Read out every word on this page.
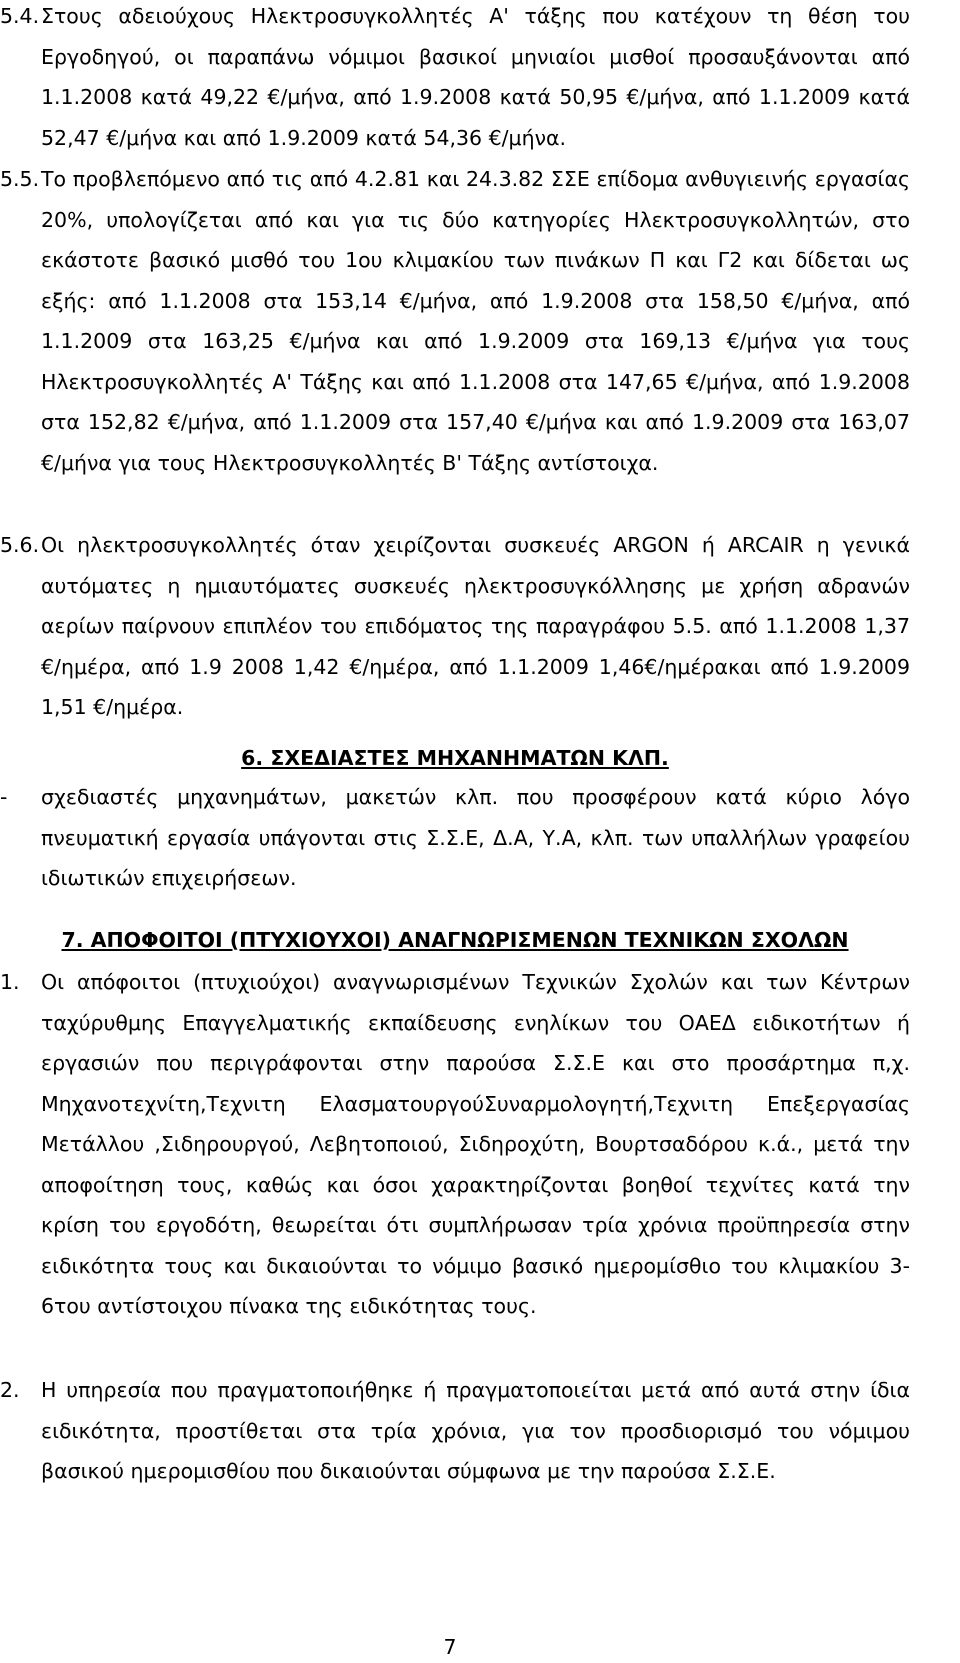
5.4. Στους αδειούχους Ηλεκτροσυγκολλητές Α' τάξης που κατέχουν τη θέση του Εργοδηγού, οι παραπάνω νόμιμοι βασικοί μηνιαίοι μισθοί προσαυξάνονται από 1.1.2008 κατά 49,22 €/μήνα, από 1.9.2008 κατά 50,95 €/μήνα, από 1.1.2009 κατά 52,47 €/μήνα και από 1.9.2009 κατά 54,36 €/μήνα.
5.5. Το προβλεπόμενο από τις από 4.2.81 και 24.3.82 ΣΣΕ επίδομα ανθυγιεινής εργασίας 20%, υπολογίζεται από και για τις δύο κατηγορίες Ηλεκτροσυγκολλητών, στο εκάστοτε βασικό μισθό του 1ου κλιμακίου των πινάκων Π και Γ2 και δίδεται ως εξής: από 1.1.2008 στα 153,14 €/μήνα, από 1.9.2008 στα 158,50 €/μήνα, από 1.1.2009 στα 163,25 €/μήνα και από 1.9.2009 στα 169,13 €/μήνα για τους Ηλεκτροσυγκολλητές Α' Τάξης και από 1.1.2008 στα 147,65 €/μήνα, από 1.9.2008 στα 152,82 €/μήνα, από 1.1.2009 στα 157,40 €/μήνα και από 1.9.2009 στα 163,07 €/μήνα για τους Ηλεκτροσυγκολλητές Β' Τάξης αντίστοιχα.
5.6. Οι ηλεκτροσυγκολλητές όταν χειρίζονται συσκευές ARGON ή ARCAIR η γενικά αυτόματες η ημιαυτόματες συσκευές ηλεκτροσυγκόλλησης με χρήση αδρανών αερίων παίρνουν επιπλέον του επιδόματος της παραγράφου 5.5. από 1.1.2008 1,37 €/ημέρα, από 1.9 2008 1,42 €/ημέρα, από 1.1.2009 1,46€/ημέρακαι από 1.9.2009 1,51 €/ημέρα.
6. ΣΧΕΔΙΑΣΤΕΣ ΜΗΧΑΝΗΜΑΤΩΝ ΚΛΠ.
- σχεδιαστές μηχανημάτων, μακετών κλπ. που προσφέρουν κατά κύριο λόγο πνευματική εργασία υπάγονται στις Σ.Σ.Ε, Δ.Α, Υ.Α, κλπ. των υπαλλήλων γραφείου ιδιωτικών επιχειρήσεων.
7. ΑΠΟΦΟΙΤΟΙ (ΠΤΥΧΙΟΥΧΟΙ) ΑΝΑΓΝΩΡΙΣΜΕΝΩΝ ΤΕΧΝΙΚΩΝ ΣΧΟΛΩΝ
1. Οι απόφοιτοι (πτυχιούχοι) αναγνωρισμένων Τεχνικών Σχολών και των Κέντρων ταχύρυθμης Επαγγελματικής εκπαίδευσης ενηλίκων του ΟΑΕΔ ειδικοτήτων ή εργασιών που περιγράφονται στην παρούσα Σ.Σ.Ε και στο προσάρτημα π,χ. Μηχανοτεχνίτη,Τεχνιτη ΕλασματουργούΣυναρμολογητή,Τεχνιτη Επεξεργασίας Μετάλλου ,Σιδηρουργού, Λεβητοποιού, Σιδηροχύτη, Βουρτσαδόρου κ.ά., μετά την αποφοίτηση τους, καθώς και όσοι χαρακτηρίζονται βοηθοί τεχνίτες κατά την κρίση του εργοδότη, θεωρείται ότι συμπλήρωσαν τρία χρόνια προϋπηρεσία στην ειδικότητα τους και δικαιούνται το νόμιμο βασικό ημερομίσθιο του κλιμακίου 3-6του αντίστοιχου πίνακα της ειδικότητας τους.
2. Η υπηρεσία που πραγματοποιήθηκε ή πραγματοποιείται μετά από αυτά στην ίδια ειδικότητα, προστίθεται στα τρία χρόνια, για τον προσδιορισμό του νόμιμου βασικού ημερομισθίου που δικαιούνται σύμφωνα με την παρούσα Σ.Σ.Ε.
7
